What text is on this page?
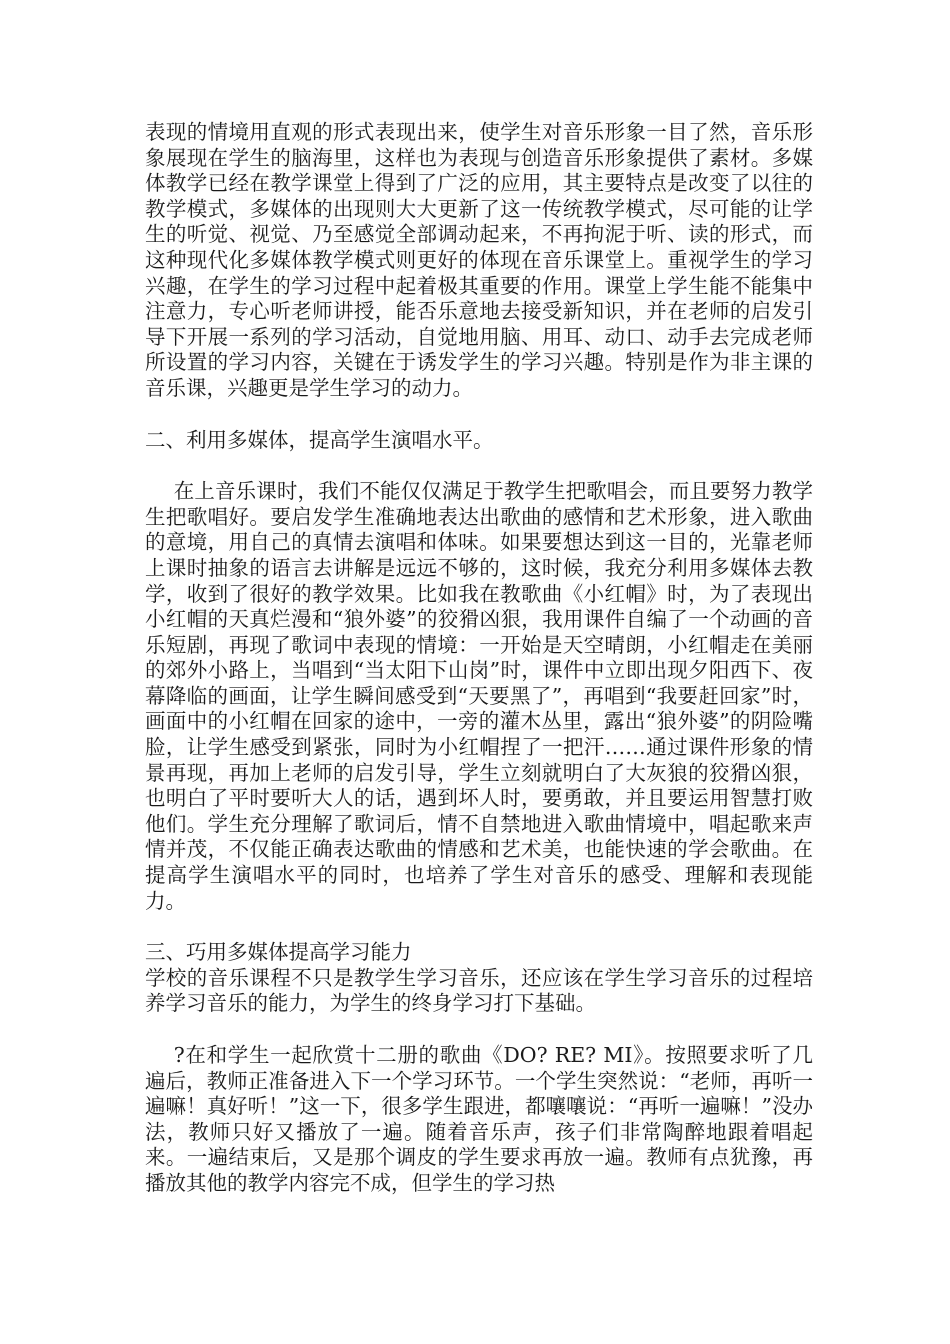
表现的情境用直观的形式表现出来，使学生对音乐形象一目了然，音乐形象展现在学生的脑海里，这样也为表现与创造音乐形象提供了素材。多媒体教学已经在教学课堂上得到了广泛的应用，其主要特点是改变了以往的教学模式，多媒体的出现则大大更新了这一传统教学模式，尽可能的让学生的听觉、视觉、乃至感觉全部调动起来，不再拘泥于听、读的形式，而这种现代化多媒体教学模式则更好的体现在音乐课堂上。重视学生的学习兴趣，在学生的学习过程中起着极其重要的作用。课堂上学生能不能集中注意力，专心听老师讲授，能否乐意地去接受新知识，并在老师的启发引导下开展一系列的学习活动，自觉地用脑、用耳、动口、动手去完成老师所设置的学习内容，关键在于诱发学生的学习兴趣。特别是作为非主课的音乐课，兴趣更是学生学习的动力。

二、利用多媒体，提高学生演唱水平。

在上音乐课时，我们不能仅仅满足于教学生把歌唱会，而且要努力教学生把歌唱好。要启发学生准确地表达出歌曲的感情和艺术形象，进入歌曲的意境，用自己的真情去演唱和体味。如果要想达到这一目的，光靠老师上课时抽象的语言去讲解是远远不够的，这时候，我充分利用多媒体去教学，收到了很好的教学效果。比如我在教歌曲《小红帽》时，为了表现出小红帽的天真烂漫和“狼外婆”的狡猾凶狠，我用课件自编了一个动画的音乐短剧，再现了歌词中表现的情境：一开始是天空晴朗，小红帽走在美丽的郊外小路上，当唱到“当太阳下山岗”时，课件中立即出现夕阳西下、夜幕降临的画面，让学生瞬间感受到“天要黑了”，再唱到“我要赶回家”时，画面中的小红帽在回家的途中，一旁的灌木丛里，露出“狼外婆”的阴险嘴脸，让学生感受到紧张，同时为小红帽捏了一把汗……通过课件形象的情景再现，再加上老师的启发引导，学生立刻就明白了大灰狼的狡猾凶狠，也明白了平时要听大人的话，遇到坏人时，要勇敢，并且要运用智慧打败他们。学生充分理解了歌词后，情不自禁地进入歌曲情境中，唱起歌来声情并茂，不仅能正确表达歌曲的情感和艺术美，也能快速的学会歌曲。在提高学生演唱水平的同时，也培养了学生对音乐的感受、理解和表现能力。

三、巧用多媒体提高学习能力

学校的音乐课程不只是教学生学习音乐，还应该在学生学习音乐的过程培养学习音乐的能力，为学生的终身学习打下基础。

?在和学生一起欣赏十二册的歌曲《DO? RE? MI》。按照要求听了几遍后，教师正准备进入下一个学习环节。一个学生突然说：“老师，再听一遍嘛！真好听！”这一下，很多学生跟进，都嚷嚷说：“再听一遍嘛！”没办法，教师只好又播放了一遍。随着音乐声，孩子们非常陶醉地跟着唱起来。一遍结束后，又是那个调皮的学生要求再放一遍。教师有点犹豫，再播放其他的教学内容完不成，但学生的学习热
